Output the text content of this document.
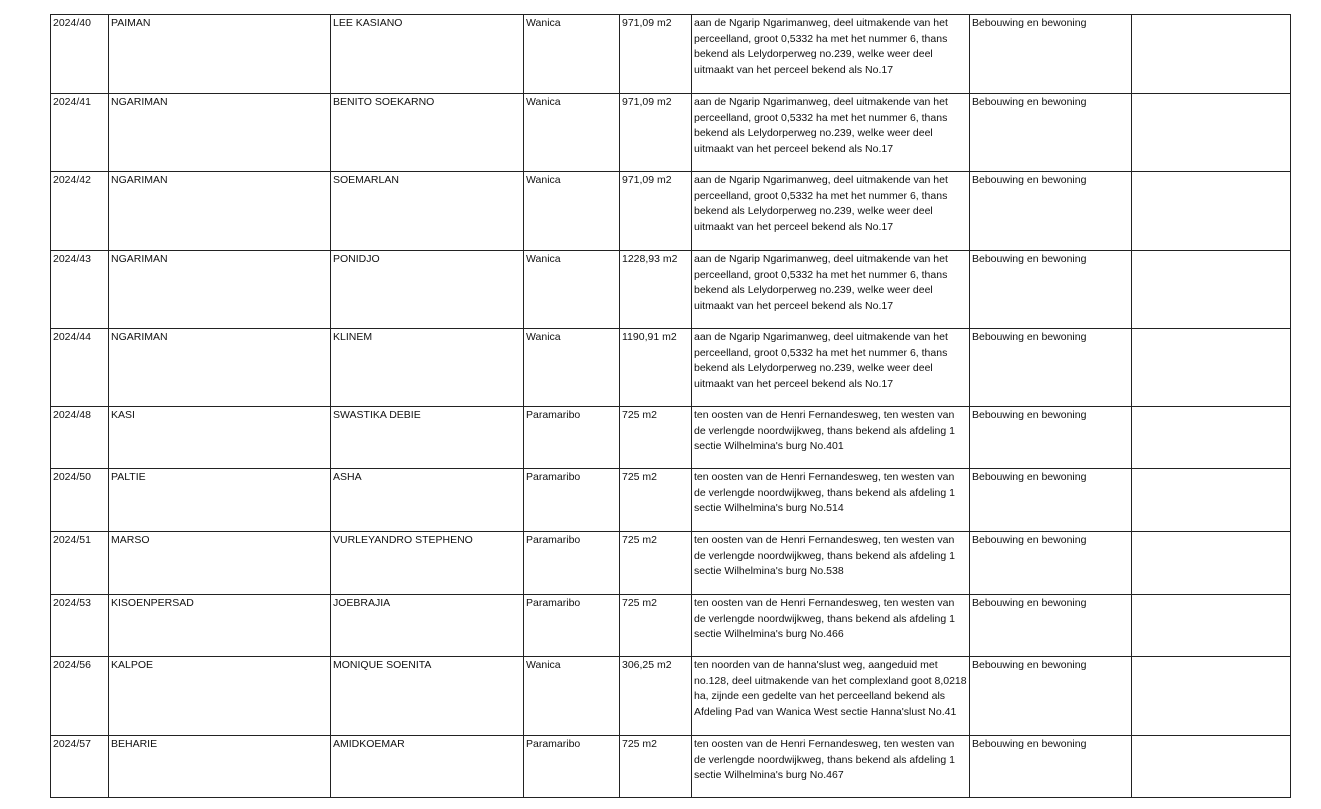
2024/40	PAIMAN	LEE KASIANO	Wanica	971,09 m2	aan de Ngarip Ngarimanweg, deel uitmakende van het perceelland, groot 0,5332 ha met het nummer 6, thans bekend als Lelydorperweg no.239, welke weer deel uitmaakt van het perceel bekend als No.17	Bebouwing en bewoning	
2024/41	NGARIMAN	BENITO SOEKARNO	Wanica	971,09 m2	aan de Ngarip Ngarimanweg, deel uitmakende van het perceelland, groot 0,5332 ha met het nummer 6, thans bekend als Lelydorperweg no.239, welke weer deel uitmaakt van het perceel bekend als No.17	Bebouwing en bewoning	
2024/42	NGARIMAN	SOEMARLAN	Wanica	971,09 m2	aan de Ngarip Ngarimanweg, deel uitmakende van het perceelland, groot 0,5332 ha met het nummer 6, thans bekend als Lelydorperweg no.239, welke weer deel uitmaakt van het perceel bekend als No.17	Bebouwing en bewoning	
2024/43	NGARIMAN	PONIDJO	Wanica	1228,93 m2	aan de Ngarip Ngarimanweg, deel uitmakende van het perceelland, groot 0,5332 ha met het nummer 6, thans bekend als Lelydorperweg no.239, welke weer deel uitmaakt van het perceel bekend als No.17	Bebouwing en bewoning	
2024/44	NGARIMAN	KLINEM	Wanica	1190,91 m2	aan de Ngarip Ngarimanweg, deel uitmakende van het perceelland, groot 0,5332 ha met het nummer 6, thans bekend als Lelydorperweg no.239, welke weer deel uitmaakt van het perceel bekend als No.17	Bebouwing en bewoning	
2024/48	KASI	SWASTIKA DEBIE	Paramaribo	725 m2	ten oosten van de Henri Fernandesweg, ten westen van de verlengde noordwijkweg, thans bekend als afdeling 1 sectie Wilhelmina's burg No.401	Bebouwing en bewoning	
2024/50	PALTIE	ASHA	Paramaribo	725 m2	ten oosten van de Henri Fernandesweg, ten westen van de verlengde noordwijkweg, thans bekend als afdeling 1 sectie Wilhelmina's burg No.514	Bebouwing en bewoning	
2024/51	MARSO	VURLEYANDRO STEPHENO	Paramaribo	725 m2	ten oosten van de Henri Fernandesweg, ten westen van de verlengde noordwijkweg, thans bekend als afdeling 1 sectie Wilhelmina's burg No.538	Bebouwing en bewoning	
2024/53	KISOENPERSAD	JOEBRAJIA	Paramaribo	725 m2	ten oosten van de Henri Fernandesweg, ten westen van de verlengde noordwijkweg, thans bekend als afdeling 1 sectie Wilhelmina's burg No.466	Bebouwing en bewoning	
2024/56	KALPOE	MONIQUE SOENITA	Wanica	306,25 m2	ten noorden van de hanna'slust weg, aangeduid met no.128, deel uitmakende van het complexland goot 8,0218 ha, zijnde een gedelte van het perceelland bekend als Afdeling Pad van Wanica West sectie Hanna'slust No.41	Bebouwing en bewoning	
2024/57	BEHARIE	AMIDKOEMAR	Paramaribo	725 m2	ten oosten van de Henri Fernandesweg, ten westen van de verlengde noordwijkweg, thans bekend als afdeling 1 sectie Wilhelmina's burg No.467	Bebouwing en bewoning	
